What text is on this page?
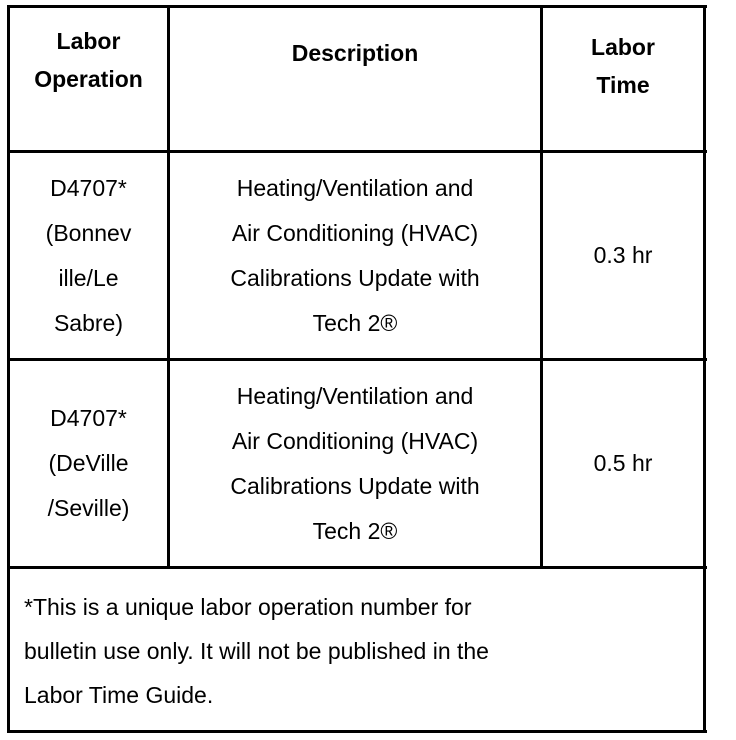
Labor
Operation
Description	Labor
Time
D4707*
(Bonnev
ille/Le
Sabre)
Heating/Ventilation and
Air Conditioning (HVAC)
Calibrations Update with
Tech 2®
0.3 hr
D4707*
(DeVille
/Seville)
Heating/Ventilation and
Air Conditioning (HVAC)
Calibrations Update with
Tech 2®
0.5 hr
*This is a unique labor operation number for
bulletin use only. It will not be published in the
Labor Time Guide.
